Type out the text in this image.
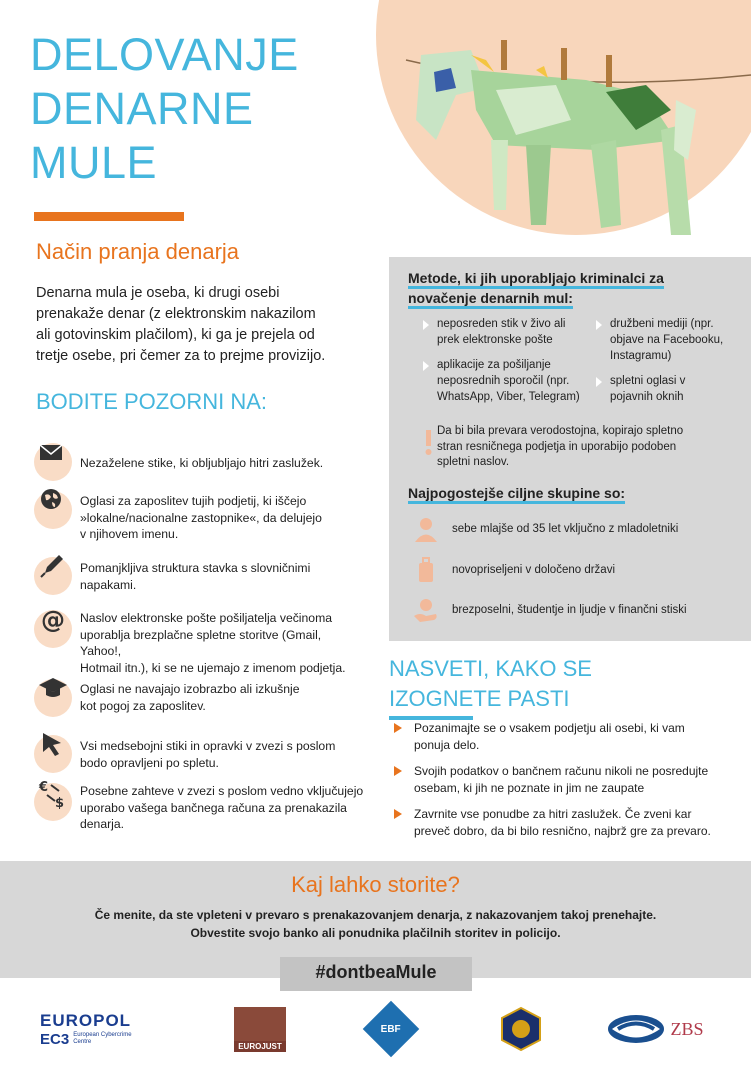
DELOVANJE
DENARNE
MULE
Način pranja denarja
Denarna mula je oseba, ki drugi osebi
prenakaže denar (z elektronskim nakazilom
ali gotovinskim plačilom), ki ga je prejela od
tretje osebe, pri čemer za to prejme provizijo.
BODITE POZORNI NA:
Nezaželene stike, ki obljubljajo hitri zaslužek.
Oglasi za zaposlitev tujih podjetij, ki iščejo
»lokalne/nacionalne zastopnike«, da delujejo
v njihovem imenu.
Pomanjkljiva struktura stavka s slovničnimi
napakami.
@ Naslov elektronske pošte pošiljatelja večinoma
uporablja brezplačne spletne storitve (Gmail, Yahoo!,
Hotmail itn.), ki se ne ujemajo z imenom podjetja.
Oglasi ne navajajo izobrazbo ali izkušnje
kot pogoj za zaposlitev.
Vsi medsebojni stiki in opravki v zvezi s poslom
bodo opravljeni po spletu.
€
$
Posebne zahteve v zvezi s poslom vedno vključujejo
uporabo vašega bančnega računa za prenakazila
denarja.
Metode, ki jih uporabljajo kriminalci za
novačenje denarnih mul:
neposreden stik v živo ali
prek elektronske pošte
aplikacije za pošiljanje
neposrednih sporočil (npr.
WhatsApp, Viber, Telegram)
družbeni mediji (npr.
objave na Facebooku,
Instagramu)
spletni oglasi v
pojavnih oknih
Da bi bila prevara verodostojna, kopirajo spletno
stran resničnega podjetja in uporabijo podoben
spletni naslov.
Najpogostejše ciljne skupine so:
sebe mlajše od 35 let vključno z mladoletniki
novopriseljeni v določeno državi
brezposelni, študentje in ljudje v finančni stiski
NASVETI, KAKO SE
IZOGNETE PASTI
Pozanimajte se o vsakem podjetju ali osebi, ki vam
ponuja delo.
Svojih podatkov o bančnem računu nikoli ne posredujte
osebam, ki jih ne poznate in jim ne zaupate
Zavrnite vse ponudbe za hitri zaslužek. Če zveni kar
preveč dobro, da bi bilo resnično, najbrž gre za prevaro.
Kaj lahko storite?
Če menite, da ste vpleteni v prevaro s prenakazovanjem denarja, z nakazovanjem takoj prenehajte.
Obvestite svojo banko ali ponudnika plačilnih storitev in policijo.
#dontbeaMule
EUROPOL
EC3 European Cybercrime Centre	EUROJUST
EBF	ZBS
